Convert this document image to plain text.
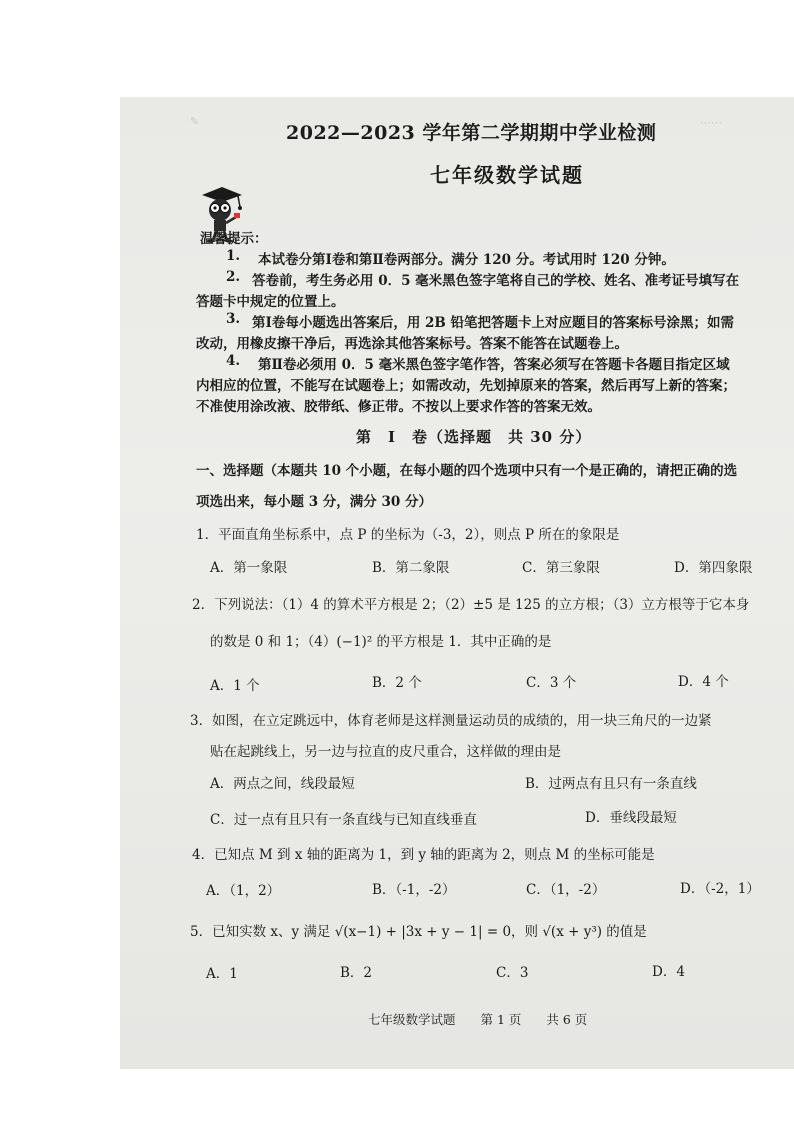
✎	⋯⋯
2022—2023 学年第二学期期中学业检测
七年级数学试题
温馨提示：
1. 本试卷分第Ⅰ卷和第Ⅱ卷两部分。满分 120 分。考试用时 120 分钟。
2. 答卷前，考生务必用 0．5 毫米黑色签字笔将自己的学校、姓名、准考证号填写在
答题卡中规定的位置上。
3. 第Ⅰ卷每小题选出答案后，用 2B 铅笔把答题卡上对应题目的答案标号涂黑；如需
改动，用橡皮擦干净后，再选涂其他答案标号。答案不能答在试题卷上。
4. 第Ⅱ卷必须用 0．5 毫米黑色签字笔作答，答案必须写在答题卡各题目指定区域
内相应的位置，不能写在试题卷上；如需改动，先划掉原来的答案，然后再写上新的答案；
不准使用涂改液、胶带纸、修正带。不按以上要求作答的答案无效。
第　Ⅰ　卷（选择题　共 30 分）
一、选择题（本题共 10 个小题，在每小题的四个选项中只有一个是正确的，请把正确的选
项选出来，每小题 3 分，满分 30 分）
1．平面直角坐标系中，点 P 的坐标为（-3，2），则点 P 所在的象限是
A．第一象限	B．第二象限	C．第三象限	D．第四象限
2．下列说法：（1）4 的算术平方根是 2；（2）±5 是 125 的立方根；（3）立方根等于它本身
的数是 0 和 1；（4）(−1)² 的平方根是 1．其中正确的是
A．1 个	B．2 个	C．3 个	D．4 个
3．如图，在立定跳远中，体育老师是这样测量运动员的成绩的，用一块三角尺的一边紧
贴在起跳线上，另一边与拉直的皮尺重合，这样做的理由是
A．两点之间，线段最短	B．过两点有且只有一条直线
C．过一点有且只有一条直线与已知直线垂直	D．垂线段最短
4．已知点 M 到 x 轴的距离为 1，到 y 轴的距离为 2，则点 M 的坐标可能是
A．（1，2）	B．（-1，-2）	C．（1，-2）	D．（-2，1）
5．已知实数 x、y 满足 √(x−1) + |3x + y − 1| = 0，则 √(x + y³) 的值是
A．1	B．2	C．3	D．4
七年级数学试题　　第 1 页　　共 6 页
